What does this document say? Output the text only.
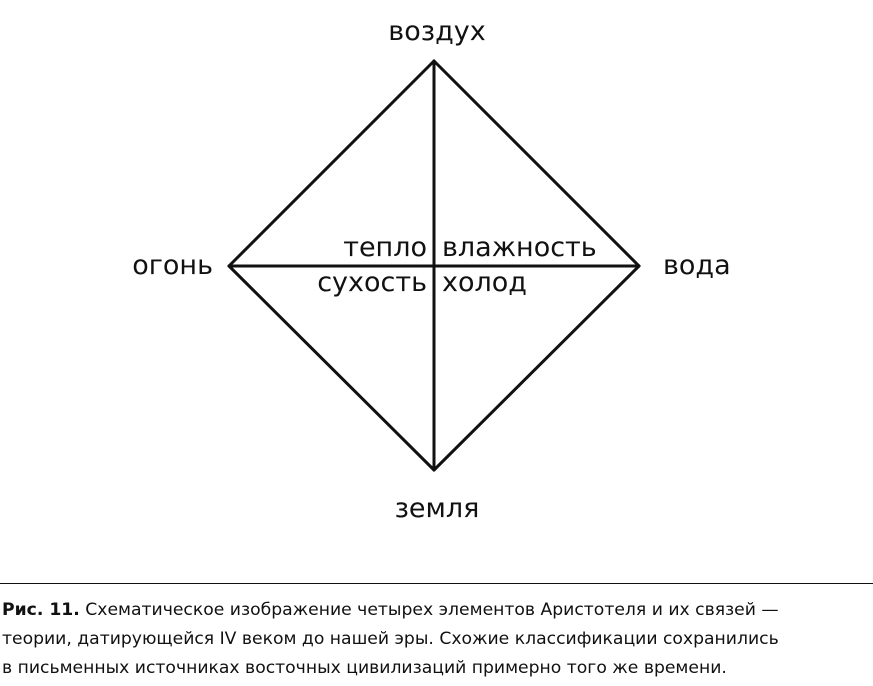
воздух
огонь	вода
земля
тепло влажность
сухость холод

Рис. 11. Схематическое изображение четырех элементов Аристотеля и их связей —
теории, датирующейся IV веком до нашей эры. Схожие классификации сохранились
в письменных источниках восточных цивилизаций примерно того же времени.
